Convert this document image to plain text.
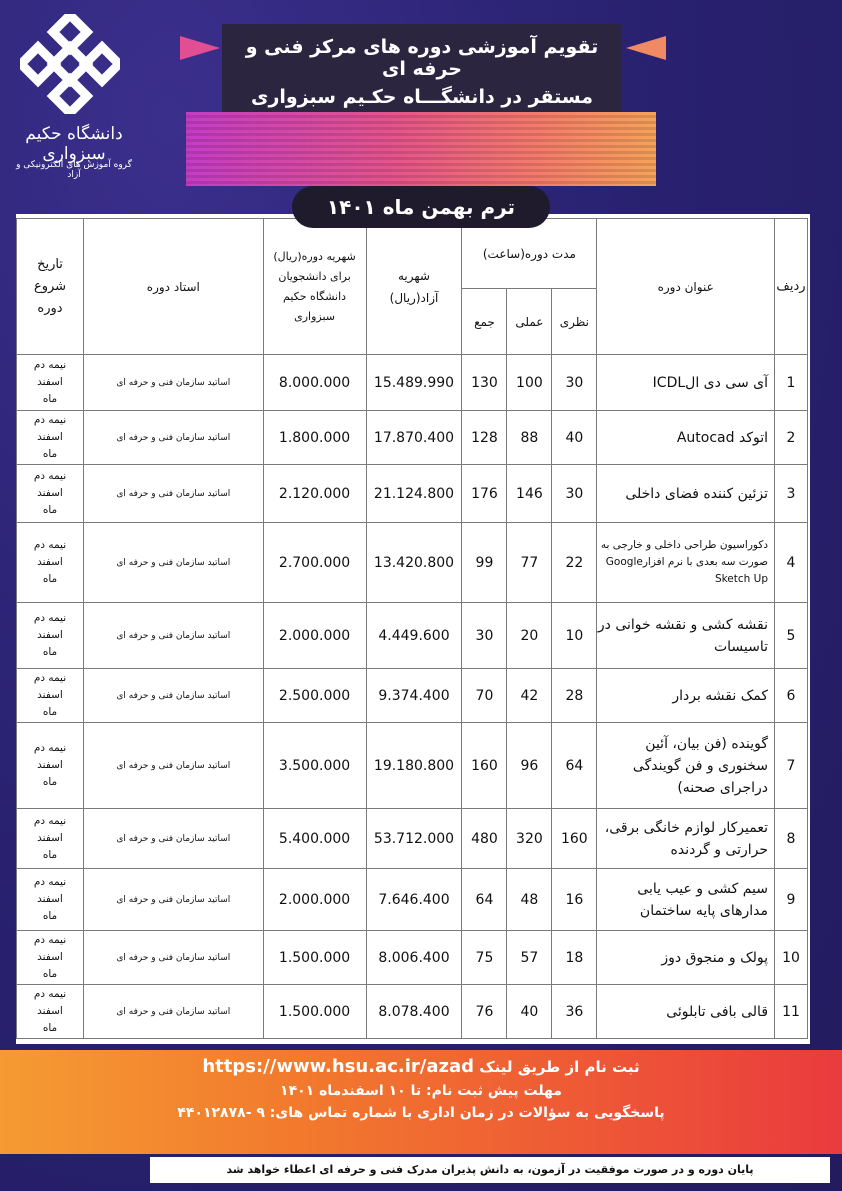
دانشگاه حکیم سبزواری
گروه آموزش های الکترونیکی و آزاد
تقویم آموزشی دوره های مرکز فنی و حرفه ای
مستقر در دانشگـــاه حکـیم سبزواری
ردیف	عنوان دوره	مدت دوره(ساعت)			شهریه آزاد(ریال)	شهریه دوره(ریال) برای دانشجویان دانشگاه حکیم سبزواری	استاد دوره	تاریخ شروع دوره
		نظری	عملی	جمع				
1	آی سی دی الICDL	30	100	130	15.489.990	8.000.000	اساتید سازمان فنی و حرفه ای	نیمه دم اسفند ماه
2	اتوکد Autocad	40	88	128	17.870.400	1.800.000	اساتید سازمان فنی و حرفه ای	نیمه دم اسفند ماه
3	تزئین کننده فضای داخلی	30	146	176	21.124.800	2.120.000	اساتید سازمان فنی و حرفه ای	نیمه دم اسفند ماه
4	دکوراسیون طراحی داخلی و خارجی به صورت سه بعدی با نرم افزارGoogle Sketch Up	22	77	99	13.420.800	2.700.000	اساتید سازمان فنی و حرفه ای	نیمه دم اسفند ماه
5	نقشه کشی و نقشه خوانی در تاسیسات	10	20	30	4.449.600	2.000.000	اساتید سازمان فنی و حرفه ای	نیمه دم اسفند ماه
6	کمک نقشه بردار	28	42	70	9.374.400	2.500.000	اساتید سازمان فنی و حرفه ای	نیمه دم اسفند ماه
7	گوینده (فن بیان، آئین سخنوری و فن گویندگی دراجرای صحنه)	64	96	160	19.180.800	3.500.000	اساتید سازمان فنی و حرفه ای	نیمه دم اسفند ماه
8	تعمیرکار لوازم خانگی برقی، حرارتی و گردنده	160	320	480	53.712.000	5.400.000	اساتید سازمان فنی و حرفه ای	نیمه دم اسفند ماه
9	سیم کشی و عیب یابی مدارهای پایه ساختمان	16	48	64	7.646.400	2.000.000	اساتید سازمان فنی و حرفه ای	نیمه دم اسفند ماه
10	پولک و منجوق دوز	18	57	75	8.006.400	1.500.000	اساتید سازمان فنی و حرفه ای	نیمه دم اسفند ماه
11	قالی بافی تابلوئی	36	40	76	8.078.400	1.500.000	اساتید سازمان فنی و حرفه ای	نیمه دم اسفند ماه
ترم بهمن ماه ۱۴۰۱
ثبت نام از طریق لینک https://www.hsu.ac.ir/azad
مهلت پیش ثبت نام: تا ۱۰ اسفندماه ۱۴۰۱
پاسخگویی به سؤالات در زمان اداری با شماره تماس های: ۹ -۴۴۰۱۲۸۷۸
پایان دوره و در صورت موفقیت در آزمون، به دانش پذیران مدرک فنی و حرفه ای اعطاء خواهد شد
